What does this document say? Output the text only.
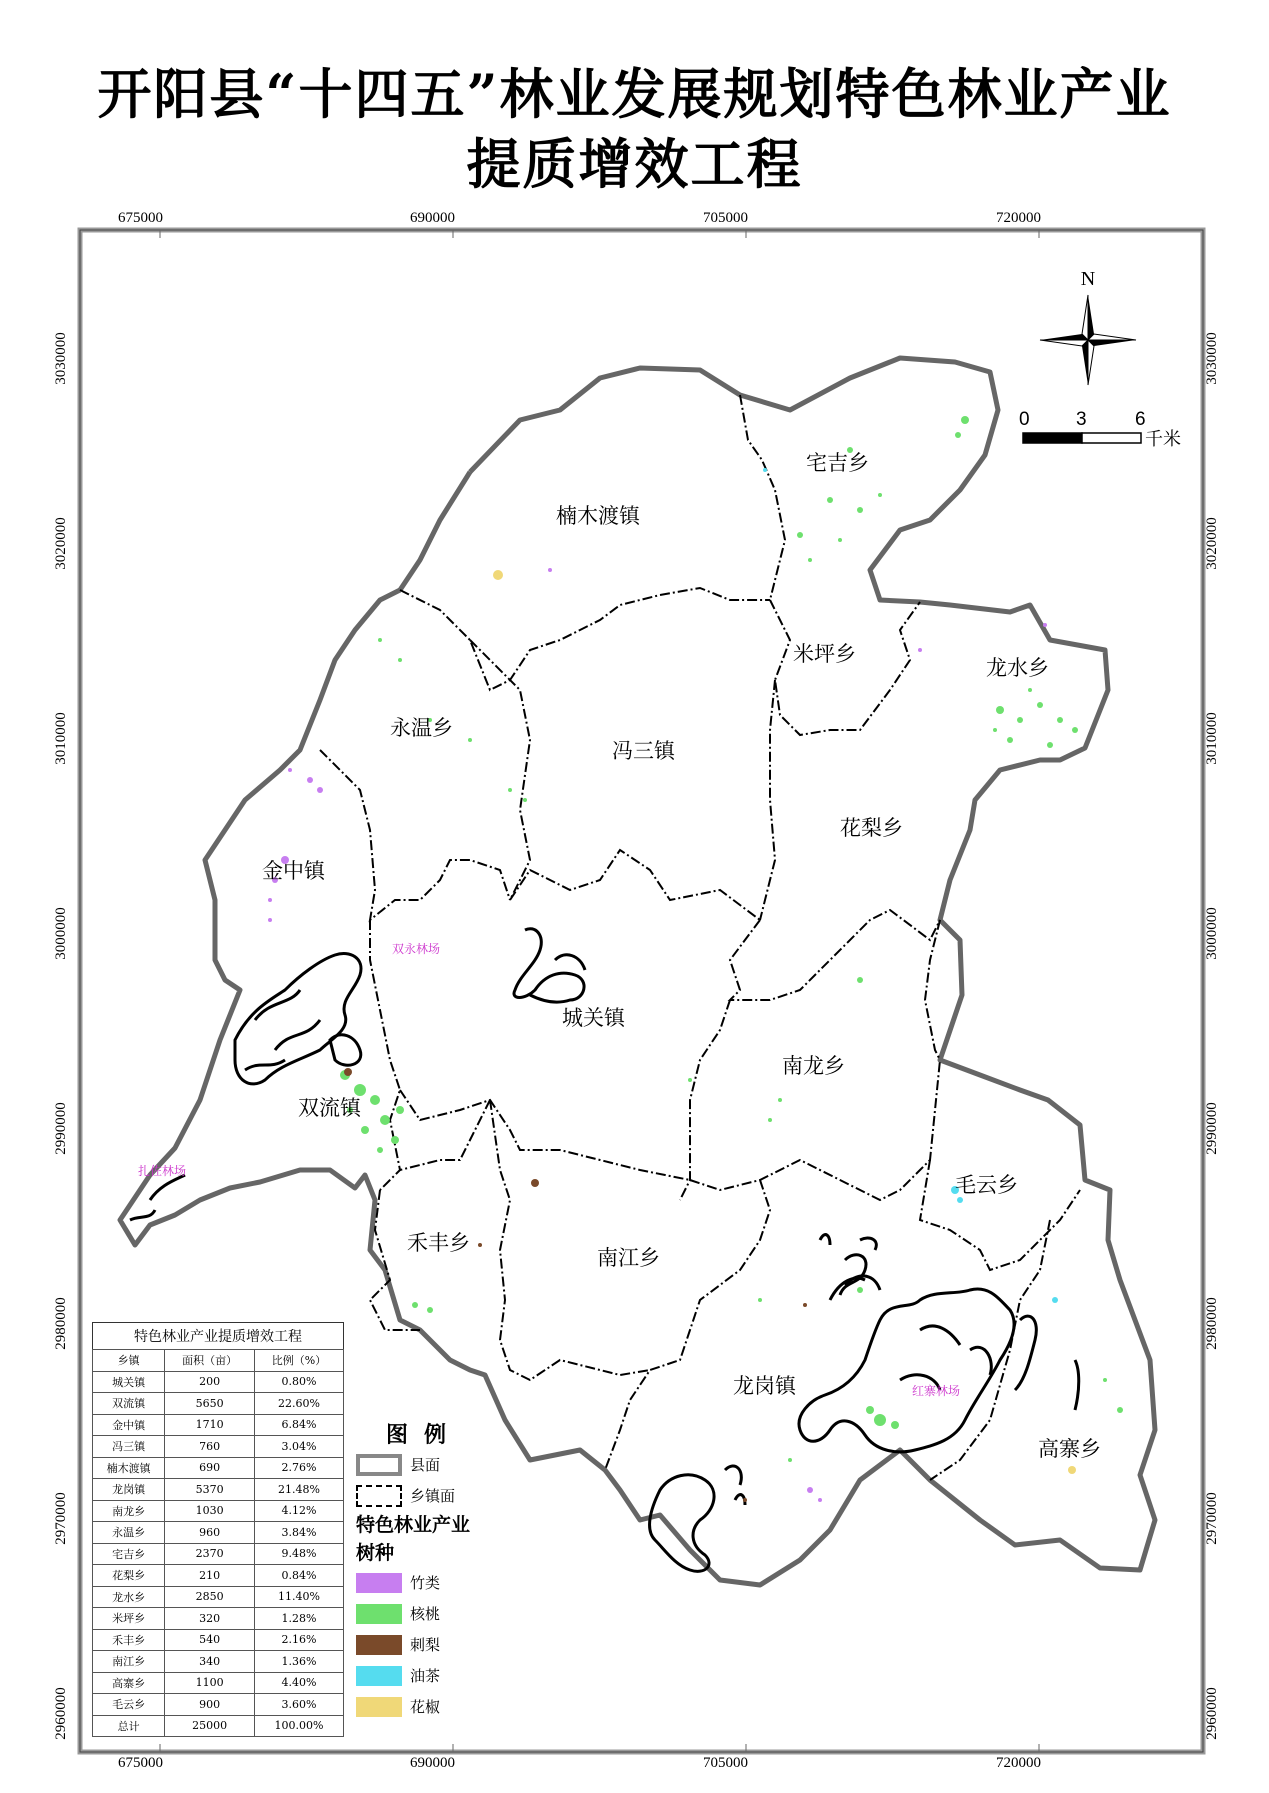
开阳县“十四五”林业发展规划特色林业产业
提质增效工程
宅吉乡
楠木渡镇
米坪乡
龙水乡
永温乡
冯三镇
花梨乡
金中镇
城关镇
南龙乡
双流镇
毛云乡
禾丰乡
南江乡
龙岗镇
高寨乡
双永林场
扎佐林场
红寨林场
N
0 3	6
千米
675000	690000	705000	720000
675000	690000	705000	720000
3030000
3020000
3010000
3000000
2990000
2980000
2970000
2960000
3030000
3020000
3010000
3000000
2990000
2980000
2970000
2960000
特色林业产业提质增效工程
乡镇	面积（亩）	比例（%）
城关镇	200	0.80%
双流镇	5650	22.60%
金中镇	1710	6.84%
冯三镇	760	3.04%
楠木渡镇	690	2.76%
龙岗镇	5370	21.48%
南龙乡	1030	4.12%
永温乡	960	3.84%
宅吉乡	2370	9.48%
花梨乡	210	0.84%
龙水乡	2850	11.40%
米坪乡	320	1.28%
禾丰乡	540	2.16%
南江乡	340	1.36%
高寨乡	1100	4.40%
毛云乡	900	3.60%
总计	25000	100.00%
图例
县面
乡镇面
特色林业产业
树种
竹类
核桃
刺梨
油茶
花椒
